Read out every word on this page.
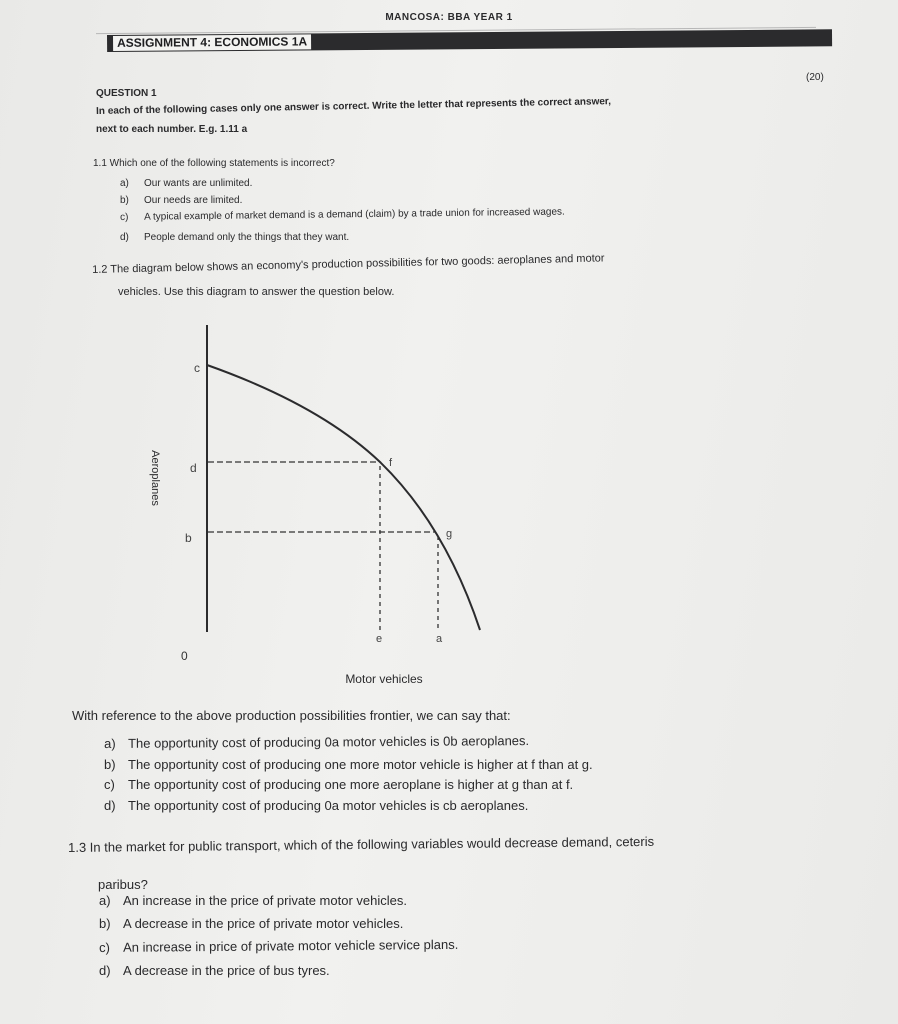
MANCOSA: BBA YEAR 1
ASSIGNMENT 4: ECONOMICS 1A
(20)
QUESTION 1
In each of the following cases only one answer is correct. Write the letter that represents the correct answer,
next to each number. E.g. 1.11 a
1.1 Which one of the following statements is incorrect?
a) Our wants are unlimited.
b) Our needs are limited.
c) A typical example of market demand is a demand (claim) by a trade union for increased wages.
d) People demand only the things that they want.
1.2 The diagram below shows an economy's production possibilities for two goods: aeroplanes and motor
vehicles. Use this diagram to answer the question below.
Aeroplanes
c
d
b
f
g
e	a
0
Motor vehicles
With reference to the above production possibilities frontier, we can say that:
a) The opportunity cost of producing 0a motor vehicles is 0b aeroplanes.
b) The opportunity cost of producing one more motor vehicle is higher at f than at g.
c) The opportunity cost of producing one more aeroplane is higher at g than at f.
d) The opportunity cost of producing 0a motor vehicles is cb aeroplanes.
1.3 In the market for public transport, which of the following variables would decrease demand, ceteris
paribus?
a) An increase in the price of private motor vehicles.
b) A decrease in the price of private motor vehicles.
c) An increase in price of private motor vehicle service plans.
d) A decrease in the price of bus tyres.
